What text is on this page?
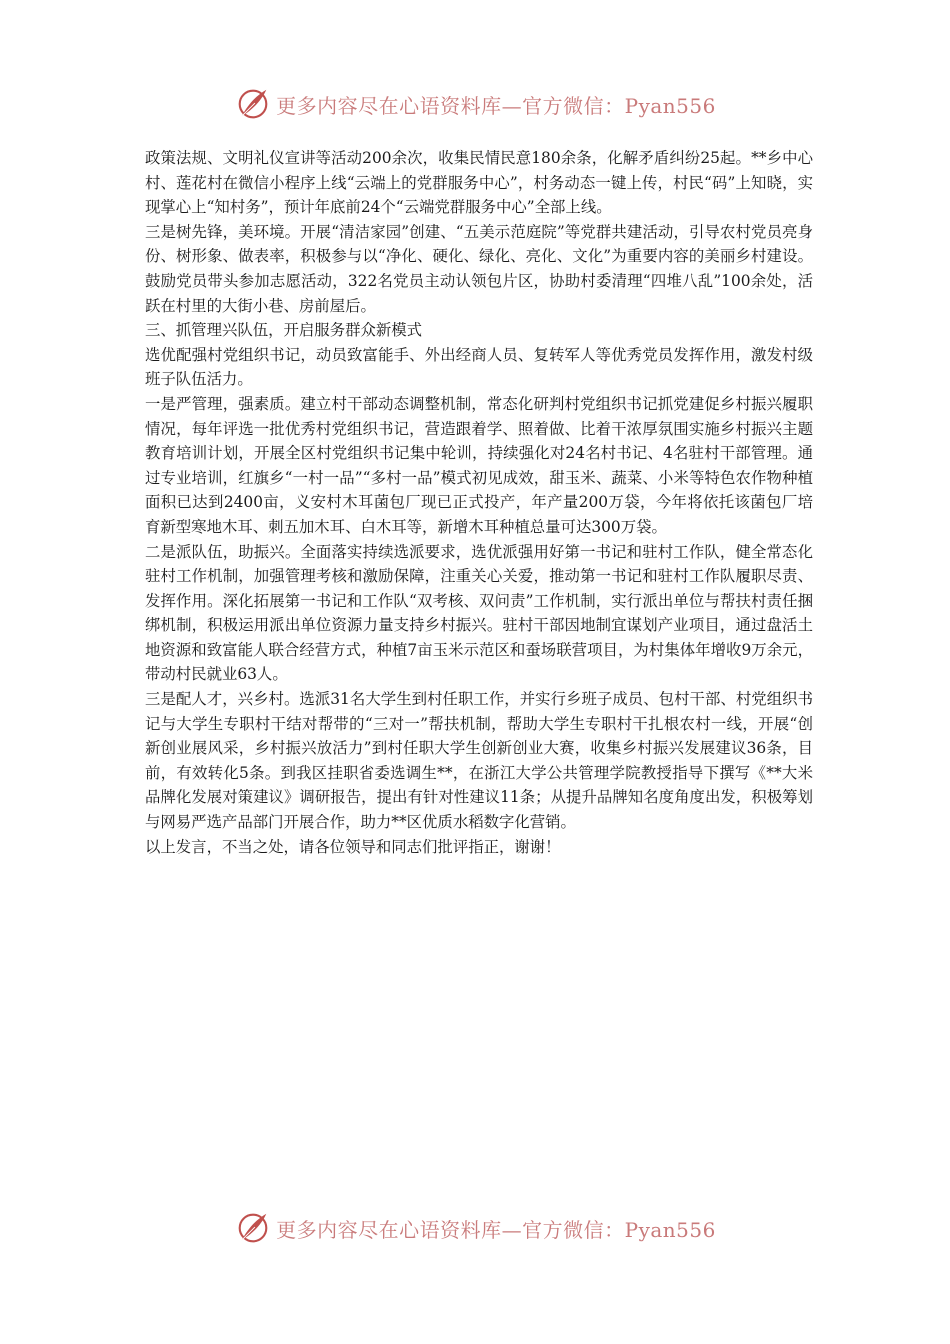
更多内容尽在心语资料库—官方微信：Pyan556

政策法规、文明礼仪宣讲等活动200余次，收集民情民意180余条，化解矛盾纠纷25起。**乡中心村、莲花村在微信小程序上线“云端上的党群服务中心”，村务动态一键上传，村民“码”上知晓，实现掌心上“知村务”，预计年底前24个“云端党群服务中心”全部上线。

三是树先锋，美环境。开展“清洁家园”创建、“五美示范庭院”等党群共建活动，引导农村党员亮身份、树形象、做表率，积极参与以“净化、硬化、绿化、亮化、文化”为重要内容的美丽乡村建设。鼓励党员带头参加志愿活动，322名党员主动认领包片区，协助村委清理“四堆八乱”100余处，活跃在村里的大街小巷、房前屋后。

三、抓管理兴队伍，开启服务群众新模式

选优配强村党组织书记，动员致富能手、外出经商人员、复转军人等优秀党员发挥作用，激发村级班子队伍活力。

一是严管理，强素质。建立村干部动态调整机制，常态化研判村党组织书记抓党建促乡村振兴履职情况，每年评选一批优秀村党组织书记，营造跟着学、照着做、比着干浓厚氛围实施乡村振兴主题教育培训计划，开展全区村党组织书记集中轮训，持续强化对24名村书记、4名驻村干部管理。通过专业培训，红旗乡“一村一品”“多村一品”模式初见成效，甜玉米、蔬菜、小米等特色农作物种植面积已达到2400亩，义安村木耳菌包厂现已正式投产，年产量200万袋，今年将依托该菌包厂培育新型寒地木耳、刺五加木耳、白木耳等，新增木耳种植总量可达300万袋。

二是派队伍，助振兴。全面落实持续选派要求，选优派强用好第一书记和驻村工作队，健全常态化驻村工作机制，加强管理考核和激励保障，注重关心关爱，推动第一书记和驻村工作队履职尽责、发挥作用。深化拓展第一书记和工作队“双考核、双问责”工作机制，实行派出单位与帮扶村责任捆绑机制，积极运用派出单位资源力量支持乡村振兴。驻村干部因地制宜谋划产业项目，通过盘活土地资源和致富能人联合经营方式，种植7亩玉米示范区和蚕场联营项目，为村集体年增收9万余元，带动村民就业63人。

三是配人才，兴乡村。选派31名大学生到村任职工作，并实行乡班子成员、包村干部、村党组织书记与大学生专职村干结对帮带的“三对一”帮扶机制，帮助大学生专职村干扎根农村一线，开展“创新创业展风采，乡村振兴放活力”到村任职大学生创新创业大赛，收集乡村振兴发展建议36条，目前，有效转化5条。到我区挂职省委选调生**，在浙江大学公共管理学院教授指导下撰写《**大米品牌化发展对策建议》调研报告，提出有针对性建议11条；从提升品牌知名度角度出发，积极筹划与网易严选产品部门开展合作，助力**区优质水稻数字化营销。

以上发言，不当之处，请各位领导和同志们批评指正，谢谢！

更多内容尽在心语资料库—官方微信：Pyan556
